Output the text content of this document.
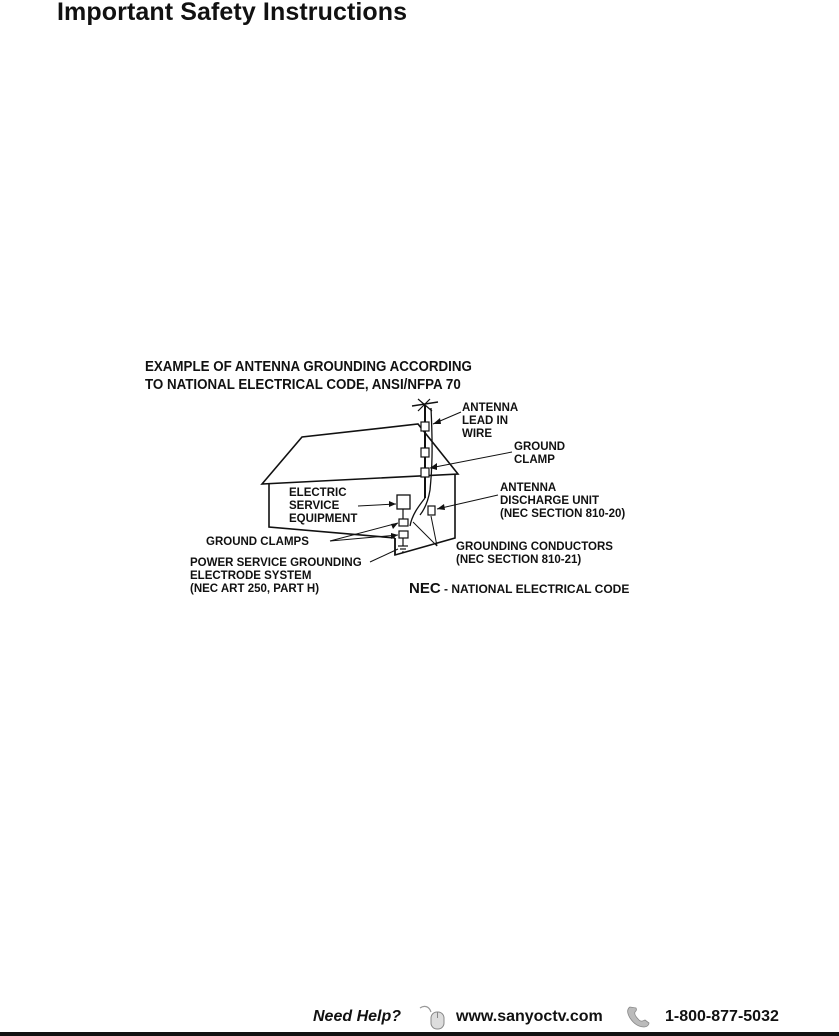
Important Safety Instructions
EXAMPLE OF ANTENNA GROUNDING ACCORDING
TO NATIONAL ELECTRICAL CODE, ANSI/NFPA 70
ANTENNA
LEAD IN
WIRE
GROUND
CLAMP
ANTENNA
DISCHARGE UNIT
(NEC SECTION 810-20)
ELECTRIC
SERVICE
EQUIPMENT
GROUND CLAMPS	GROUNDING CONDUCTORS
(NEC SECTION 810-21)
POWER SERVICE GROUNDING
ELECTRODE SYSTEM
(NEC ART 250, PART H)	NEC - NATIONAL ELECTRICAL CODE
Need Help?	www.sanyoctv.com	1-800-877-5032
